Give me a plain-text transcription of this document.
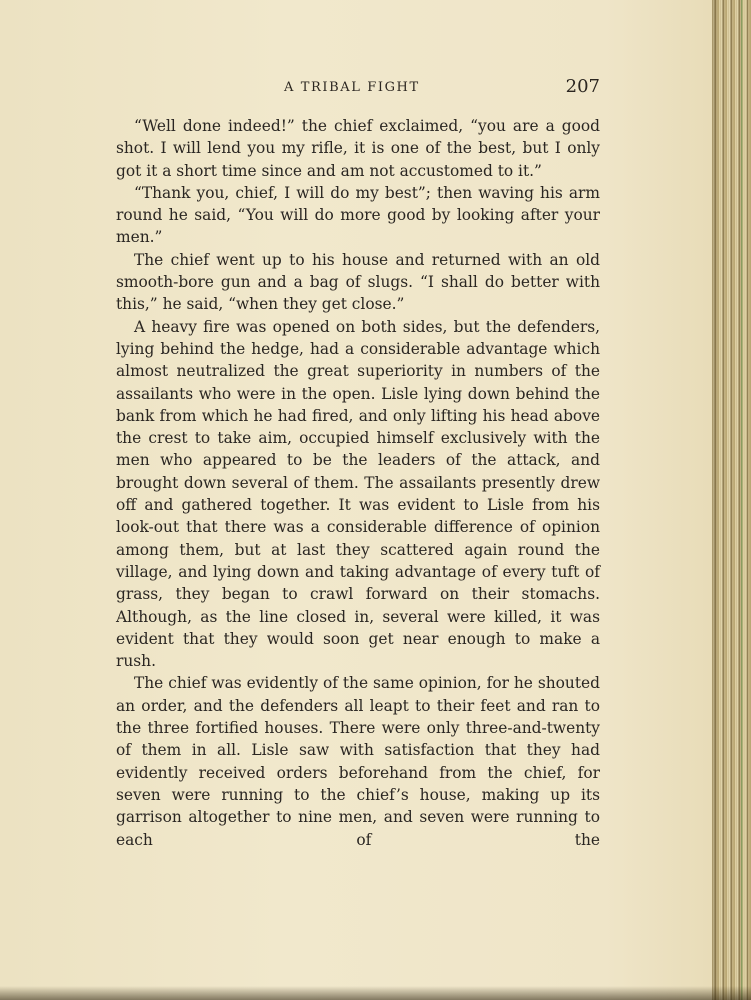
A TRIBAL FIGHT	207

“Well done indeed!” the chief exclaimed, “you are a good shot. I will lend you my rifle, it is one of the best, but I only got it a short time since and am not accustomed to it.”

“Thank you, chief, I will do my best”; then waving his arm round he said, “You will do more good by looking after your men.”

The chief went up to his house and returned with an old smooth-bore gun and a bag of slugs. “I shall do better with this,” he said, “when they get close.”

A heavy fire was opened on both sides, but the defenders, lying behind the hedge, had a considerable advantage which almost neutralized the great superiority in numbers of the assailants who were in the open. Lisle lying down behind the bank from which he had fired, and only lifting his head above the crest to take aim, occupied himself exclusively with the men who appeared to be the leaders of the attack, and brought down several of them. The assailants presently drew off and gathered together. It was evident to Lisle from his look-out that there was a considerable difference of opinion among them, but at last they scattered again round the village, and lying down and taking advantage of every tuft of grass, they began to crawl forward on their stomachs. Although, as the line closed in, several were killed, it was evident that they would soon get near enough to make a rush.

The chief was evidently of the same opinion, for he shouted an order, and the defenders all leapt to their feet and ran to the three fortified houses. There were only three-and-twenty of them in all. Lisle saw with satisfaction that they had evidently received orders beforehand from the chief, for seven were running to the chief’s house, making up its garrison altogether to nine men, and seven were running to each of the
